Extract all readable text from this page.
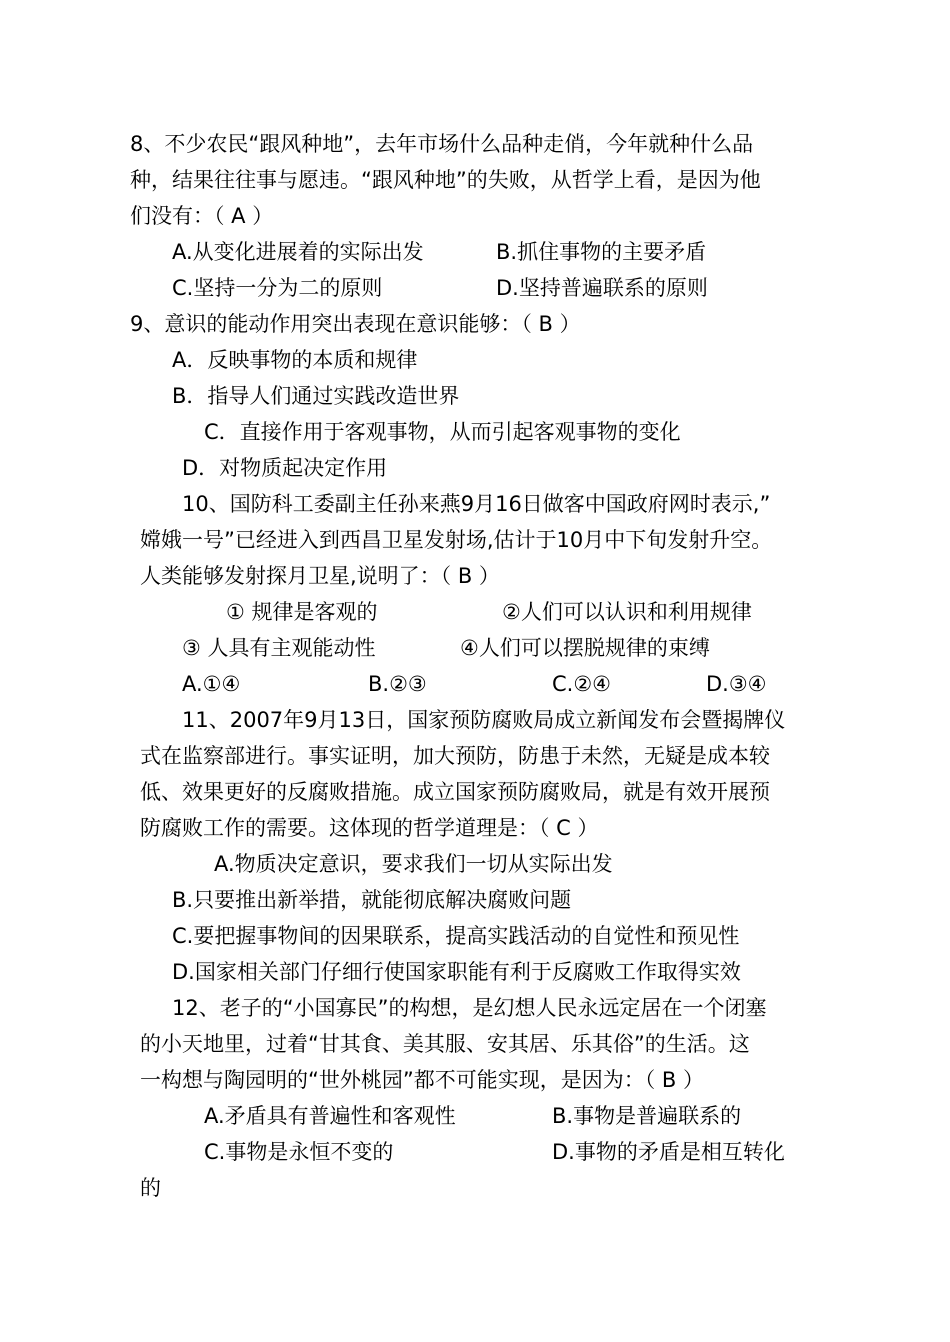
8、不少农民“跟风种地”，去年市场什么品种走俏，今年就种什么品
种，结果往往事与愿违。“跟风种地”的失败，从哲学上看，是因为他
们没有：（ A ）
A.从变化进展着的实际出发	B.抓住事物的主要矛盾
C.坚持一分为二的原则	D.坚持普遍联系的原则
9、意识的能动作用突出表现在意识能够：（ B ）
A．反映事物的本质和规律
B．指导人们通过实践改造世界
C．直接作用于客观事物，从而引起客观事物的变化
D．对物质起决定作用
10、国防科工委副主任孙来燕9月16日做客中国政府网时表示,”
嫦娥一号”已经进入到西昌卫星发射场,估计于10月中下旬发射升空。
人类能够发射探月卫星,说明了：（ B ）
① 规律是客观的	②人们可以认识和利用规律
③ 人具有主观能动性	④人们可以摆脱规律的束缚
A.①④	B.②③	C.②④	D.③④
11、2007年9月13日，国家预防腐败局成立新闻发布会暨揭牌仪
式在监察部进行。事实证明，加大预防，防患于未然，无疑是成本较
低、效果更好的反腐败措施。成立国家预防腐败局，就是有效开展预
防腐败工作的需要。这体现的哲学道理是：（ C ）
A.物质决定意识，要求我们一切从实际出发
B.只要推出新举措，就能彻底解决腐败问题
C.要把握事物间的因果联系，提高实践活动的自觉性和预见性
D.国家相关部门仔细行使国家职能有利于反腐败工作取得实效
12、老子的“小国寡民”的构想，是幻想人民永远定居在一个闭塞
的小天地里，过着“甘其食、美其服、安其居、乐其俗”的生活。这
一构想与陶园明的“世外桃园”都不可能实现，是因为：（ B ）
A.矛盾具有普遍性和客观性	B.事物是普遍联系的
C.事物是永恒不变的	D.事物的矛盾是相互转化
的
